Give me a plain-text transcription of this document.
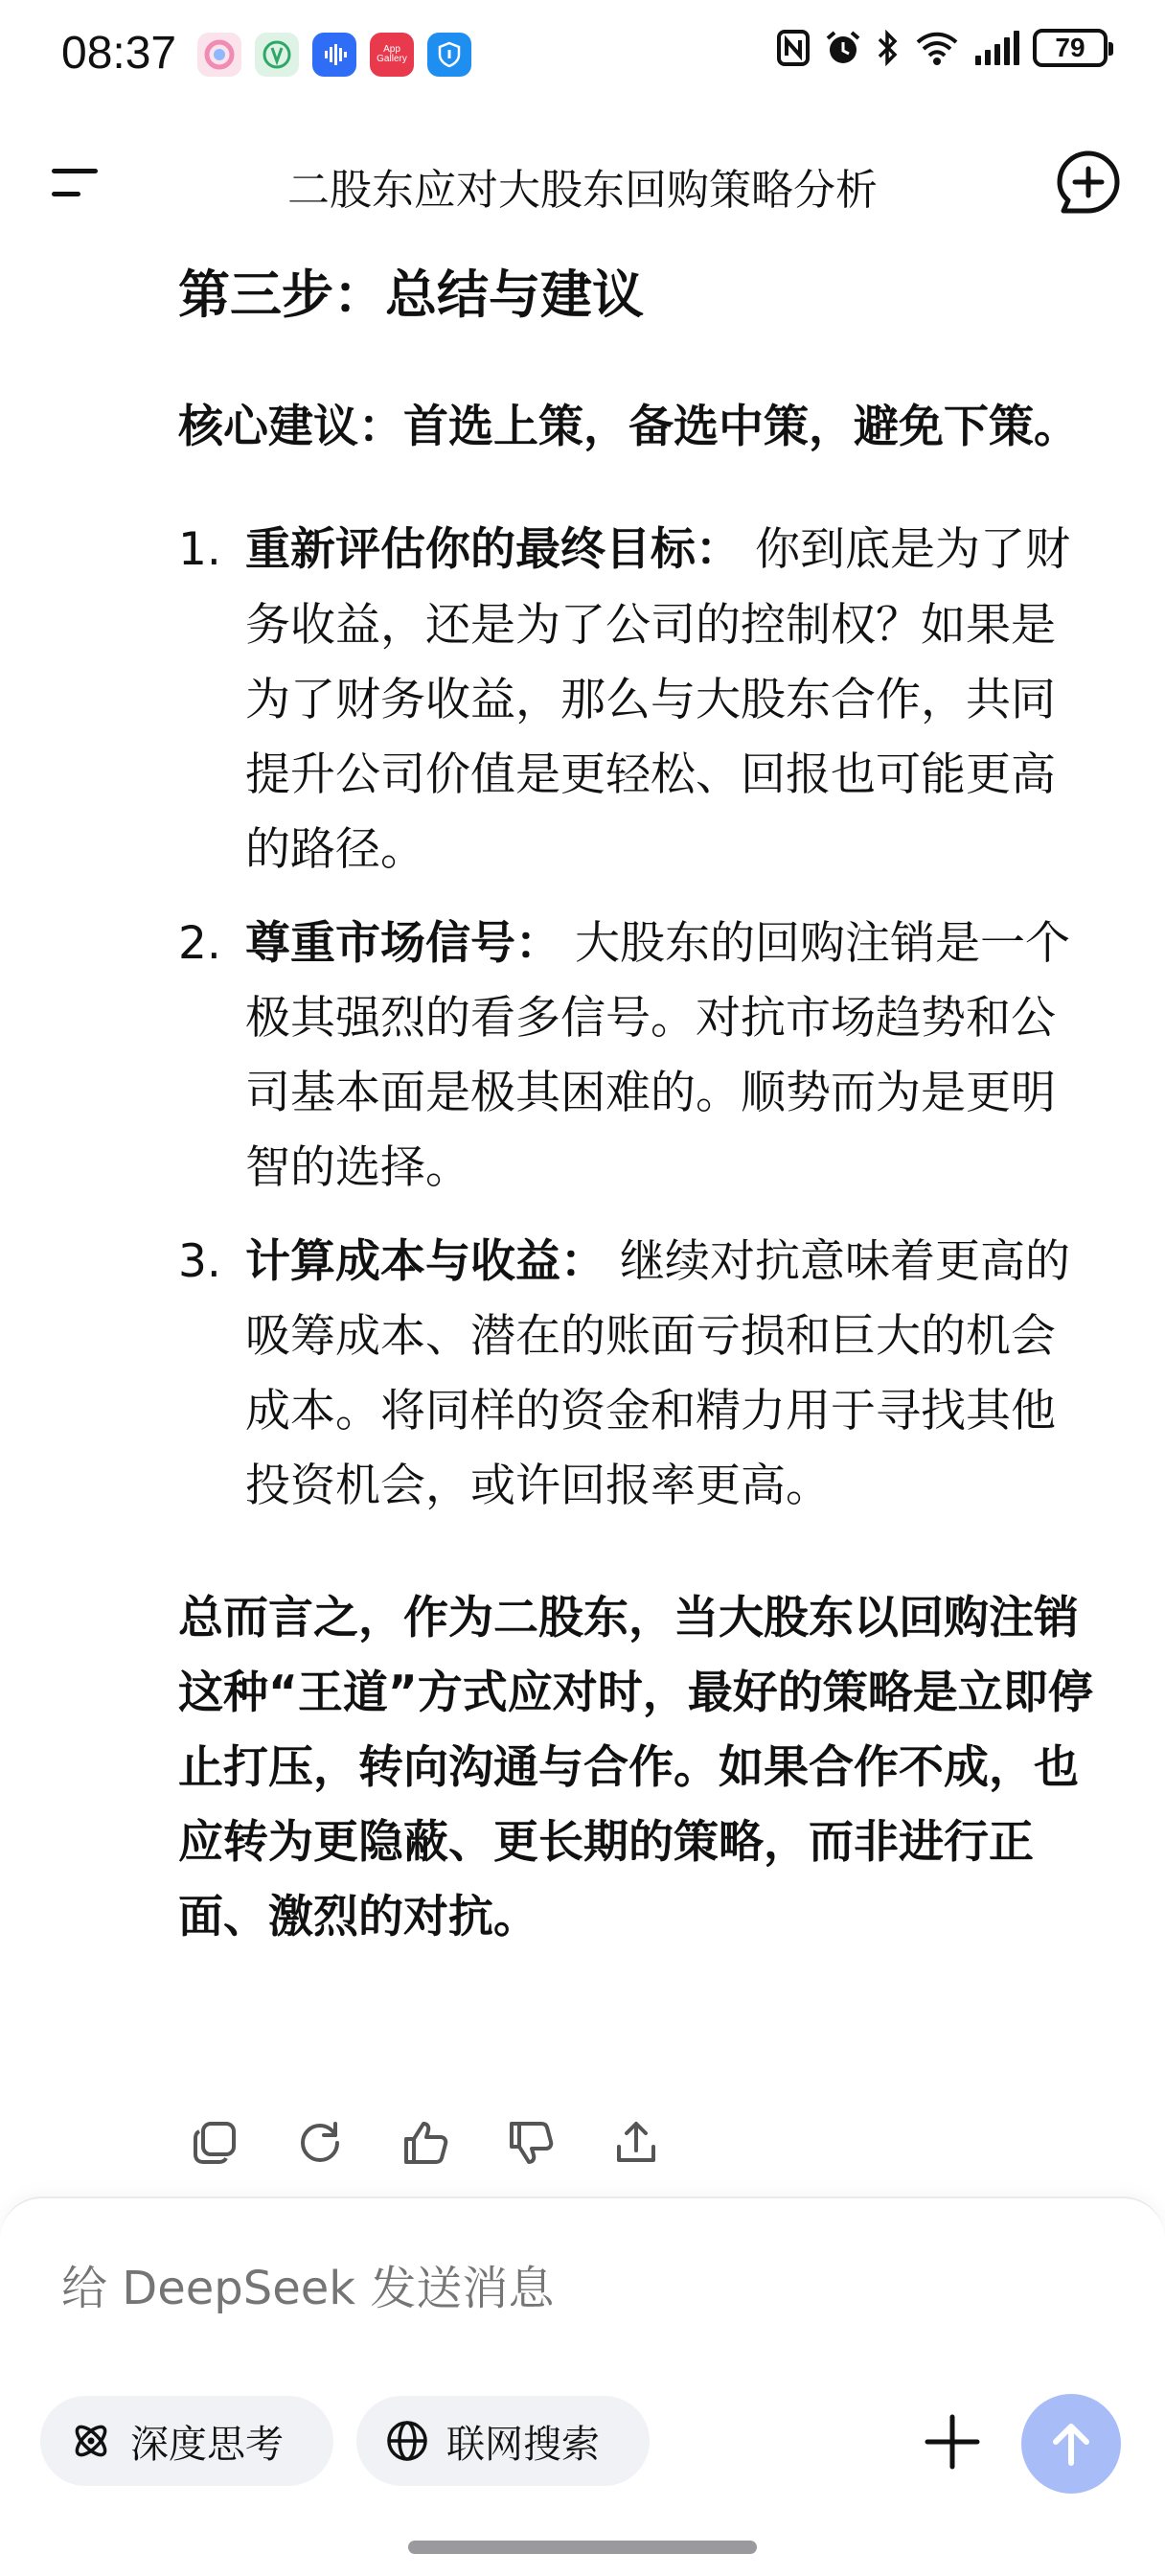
08:37	App Gallery	79
二股东应对大股东回购策略分析
第三步：总结与建议
核心建议：首选上策，备选中策，避免下策。
1. 重新评估你的最终目标： 你到底是为了财务收益，还是为了公司的控制权？如果是为了财务收益，那么与大股东合作，共同提升公司价值是更轻松、回报也可能更高的路径。
2. 尊重市场信号： 大股东的回购注销是一个极其强烈的看多信号。对抗市场趋势和公司基本面是极其困难的。顺势而为是更明智的选择。
3. 计算成本与收益： 继续对抗意味着更高的吸筹成本、潜在的账面亏损和巨大的机会成本。将同样的资金和精力用于寻找其他投资机会，或许回报率更高。
总而言之，作为二股东，当大股东以回购注销这种“王道”方式应对时，最好的策略是立即停止打压，转向沟通与合作。如果合作不成，也应转为更隐蔽、更长期的策略，而非进行正面、激烈的对抗。
给 DeepSeek 发送消息
深度思考	联网搜索
